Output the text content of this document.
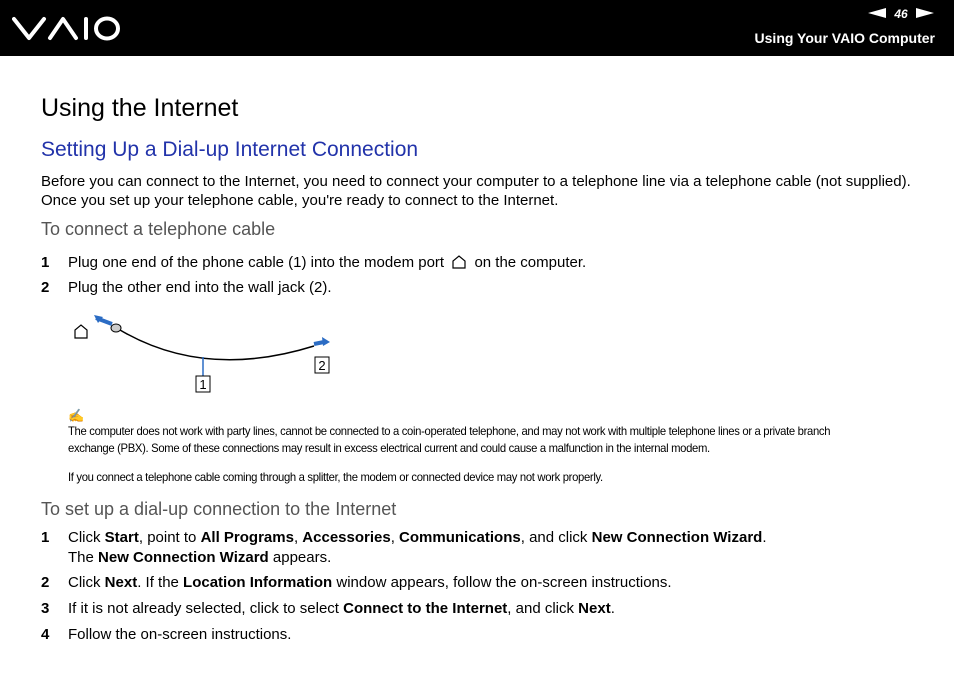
46
Using Your VAIO Computer
Using the Internet
Setting Up a Dial-up Internet Connection

Before you can connect to the Internet, you need to connect your computer to a telephone line via a telephone cable (not supplied). Once you set up your telephone cable, you're ready to connect to the Internet.

To connect a telephone cable
1	Plug one end of the phone cable (1) into the modem port on the computer.
2	Plug the other end into the wall jack (2).
1
2
✍

The computer does not work with party lines, cannot be connected to a coin-operated telephone, and may not work with multiple telephone lines or a private branch exchange (PBX). Some of these connections may result in excess electrical current and could cause a malfunction in the internal modem.

If you connect a telephone cable coming through a splitter, the modem or connected device may not work properly.

To set up a dial-up connection to the Internet
1	Click Start, point to All Programs, Accessories, Communications, and click New Connection Wizard.
The New Connection Wizard appears.
2	Click Next. If the Location Information window appears, follow the on-screen instructions.
3	If it is not already selected, click to select Connect to the Internet, and click Next.
4	Follow the on-screen instructions.
